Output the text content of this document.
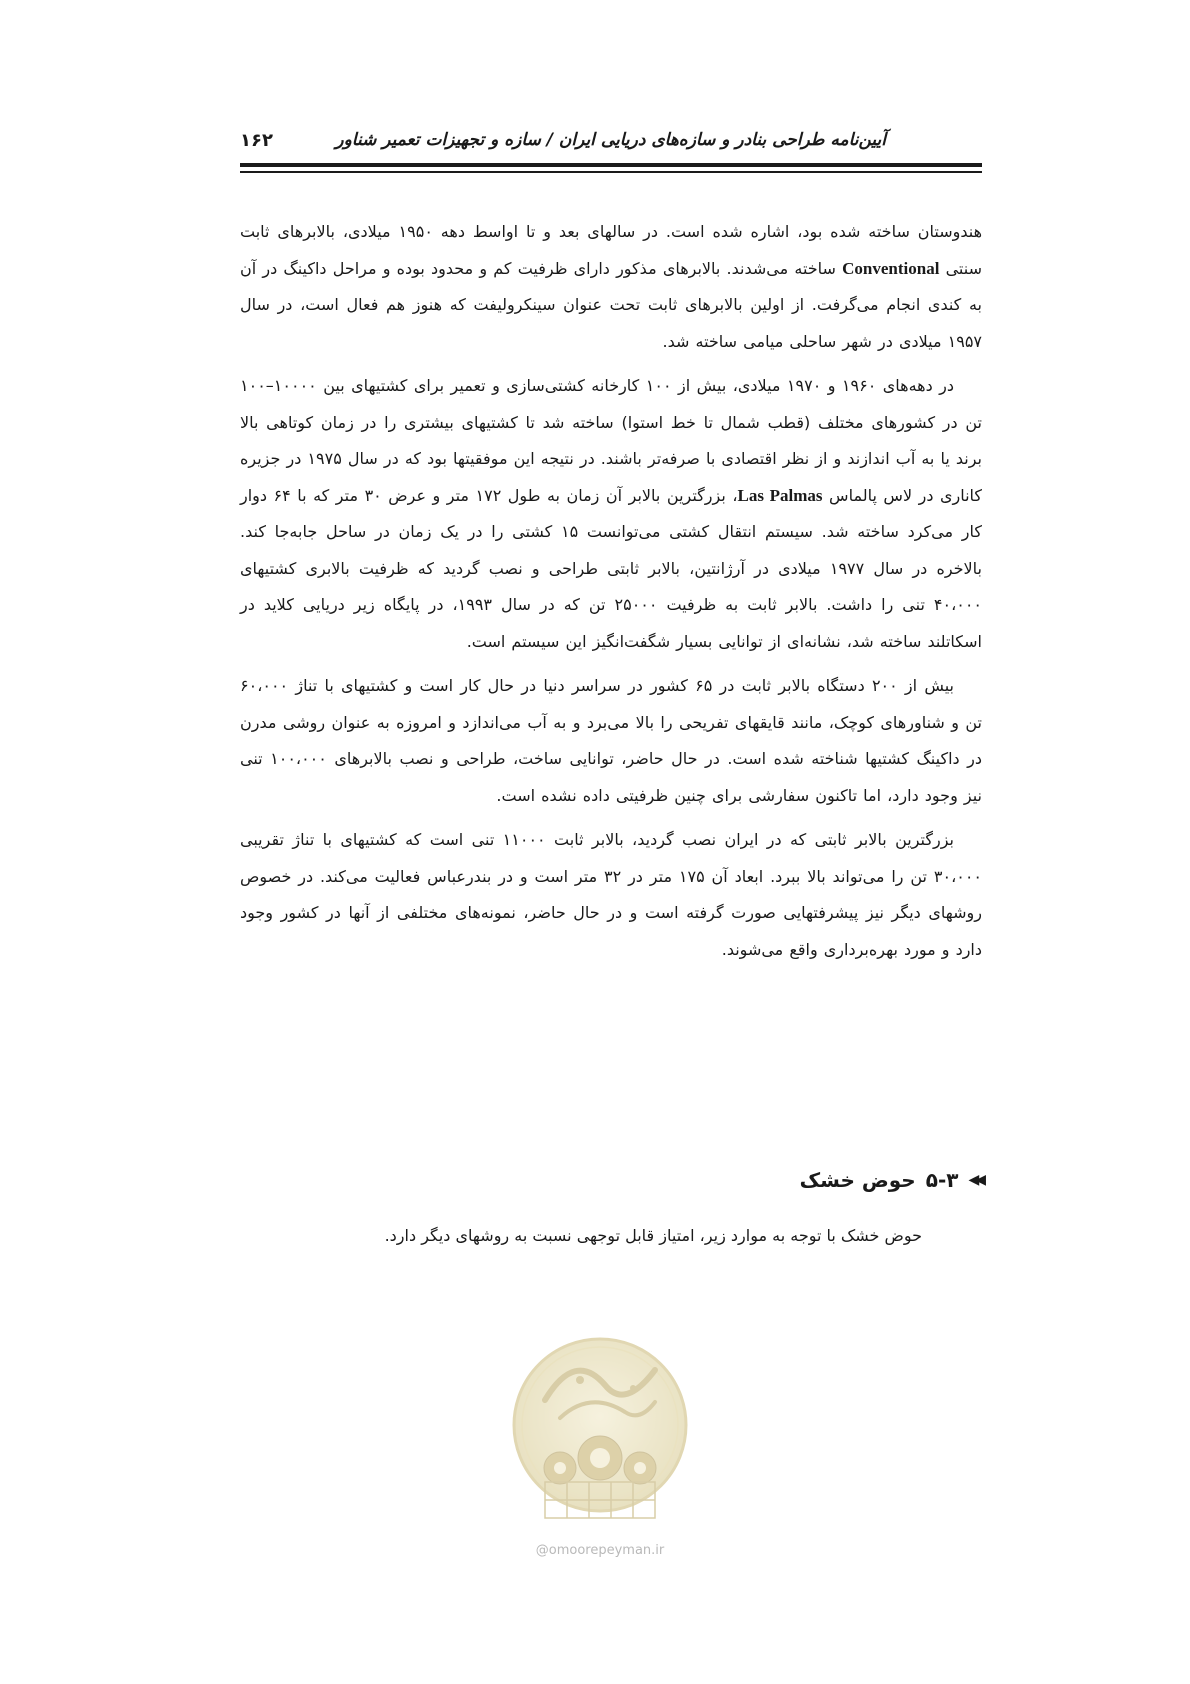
آیین‌نامه طراحی بنادر و سازه‌های دریایی ایران / سازه و تجهیزات تعمیر شناور
۱۶۲

هندوستان ساخته شده بود، اشاره شده است. در سالهای بعد و تا اواسط دهه ۱۹۵۰ میلادی، بالابرهای ثابت سنتی Conventional ساخته می‌شدند. بالابرهای مذکور دارای ظرفیت کم و محدود بوده و مراحل داکینگ در آن به کندی انجام می‌گرفت. از اولین بالابرهای ثابت تحت عنوان سینکرولیفت که هنوز هم فعال است، در سال ۱۹۵۷ میلادی در شهر ساحلی میامی ساخته شد.

در دهه‌های ۱۹۶۰ و ۱۹۷۰ میلادی، بیش از ۱۰۰ کارخانه کشتی‌سازی و تعمیر برای کشتیهای بین ۱۰۰۰۰–۱۰۰ تن در کشورهای مختلف (قطب شمال تا خط استوا) ساخته شد تا کشتیهای بیشتری را در زمان کوتاهی بالا برند یا به آب اندازند و از نظر اقتصادی با صرفه‌تر باشند. در نتیجه این موفقیتها بود که در سال ۱۹۷۵ در جزیره کاناری در لاس پالماس Las Palmas، بزرگترین بالابر آن زمان به طول ۱۷۲ متر و عرض ۳۰ متر که با ۶۴ دوار کار می‌کرد ساخته شد. سیستم انتقال کشتی می‌توانست ۱۵ کشتی را در یک زمان در ساحل جابه‌جا کند. بالاخره در سال ۱۹۷۷ میلادی در آرژانتین، بالابر ثابتی طراحی و نصب گردید که ظرفیت بالابری کشتیهای ۴۰،۰۰۰ تنی را داشت. بالابر ثابت به ظرفیت ۲۵۰۰۰ تن که در سال ۱۹۹۳، در پایگاه زیر دریایی کلاید در اسکاتلند ساخته شد، نشانه‌ای از توانایی بسیار شگفت‌انگیز این سیستم است.

بیش از ۲۰۰ دستگاه بالابر ثابت در ۶۵ کشور در سراسر دنیا در حال کار است و کشتیهای با تناژ ۶۰،۰۰۰ تن و شناورهای کوچک، مانند قایقهای تفریحی را بالا می‌برد و به آب می‌اندازد و امروزه به عنوان روشی مدرن در داکینگ کشتیها شناخته شده است. در حال حاضر، توانایی ساخت، طراحی و نصب بالابرهای ۱۰۰،۰۰۰ تنی نیز وجود دارد، اما تاکنون سفارشی برای چنین ظرفیتی داده نشده است.

بزرگترین بالابر ثابتی که در ایران نصب گردید، بالابر ثابت ۱۱۰۰۰ تنی است که کشتیهای با تناژ تقریبی ۳۰،۰۰۰ تن را می‌تواند بالا ببرد. ابعاد آن ۱۷۵ متر در ۳۲ متر است و در بندرعباس فعالیت می‌کند. در خصوص روشهای دیگر نیز پیشرفتهایی صورت گرفته است و در حال حاضر، نمونه‌های مختلفی از آنها در کشور وجود دارد و مورد بهره‌برداری واقع می‌شوند.

◀◀
۵-۳
حوض خشک
حوض خشک با توجه به موارد زیر، امتیاز قابل توجهی نسبت به روشهای دیگر دارد.
@omoorepeyman.ir
